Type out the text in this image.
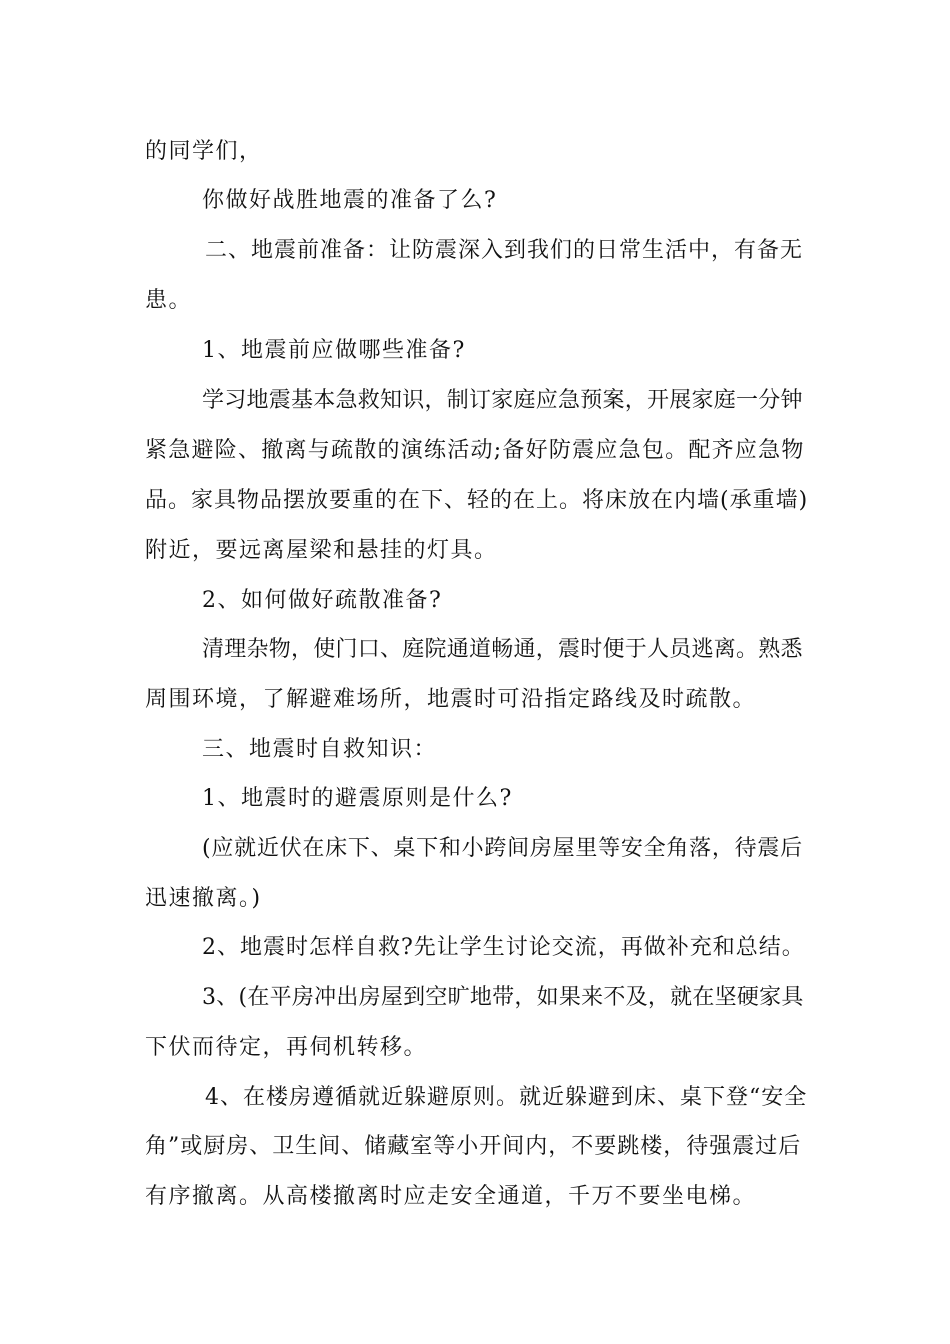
的同学们，
你做好战胜地震的准备了么?
二、地震前准备：让防震深入到我们的日常生活中，有备无
患。
1、地震前应做哪些准备?
学习地震基本急救知识，制订家庭应急预案，开展家庭一分钟
紧急避险、撤离与疏散的演练活动;备好防震应急包。配齐应急物
品。家具物品摆放要重的在下、轻的在上。将床放在内墙(承重墙)
附近，要远离屋梁和悬挂的灯具。
2、如何做好疏散准备?
清理杂物，使门口、庭院通道畅通，震时便于人员逃离。熟悉
周围环境，了解避难场所，地震时可沿指定路线及时疏散。
三、地震时自救知识：
1、地震时的避震原则是什么?
(应就近伏在床下、桌下和小跨间房屋里等安全角落，待震后
迅速撤离。)
2、地震时怎样自救?先让学生讨论交流，再做补充和总结。
3、(在平房冲出房屋到空旷地带，如果来不及，就在坚硬家具
下伏而待定，再伺机转移。
4、在楼房遵循就近躲避原则。就近躲避到床、桌下登“安全
角”或厨房、卫生间、储藏室等小开间内，不要跳楼，待强震过后
有序撤离。从高楼撤离时应走安全通道，千万不要坐电梯。
